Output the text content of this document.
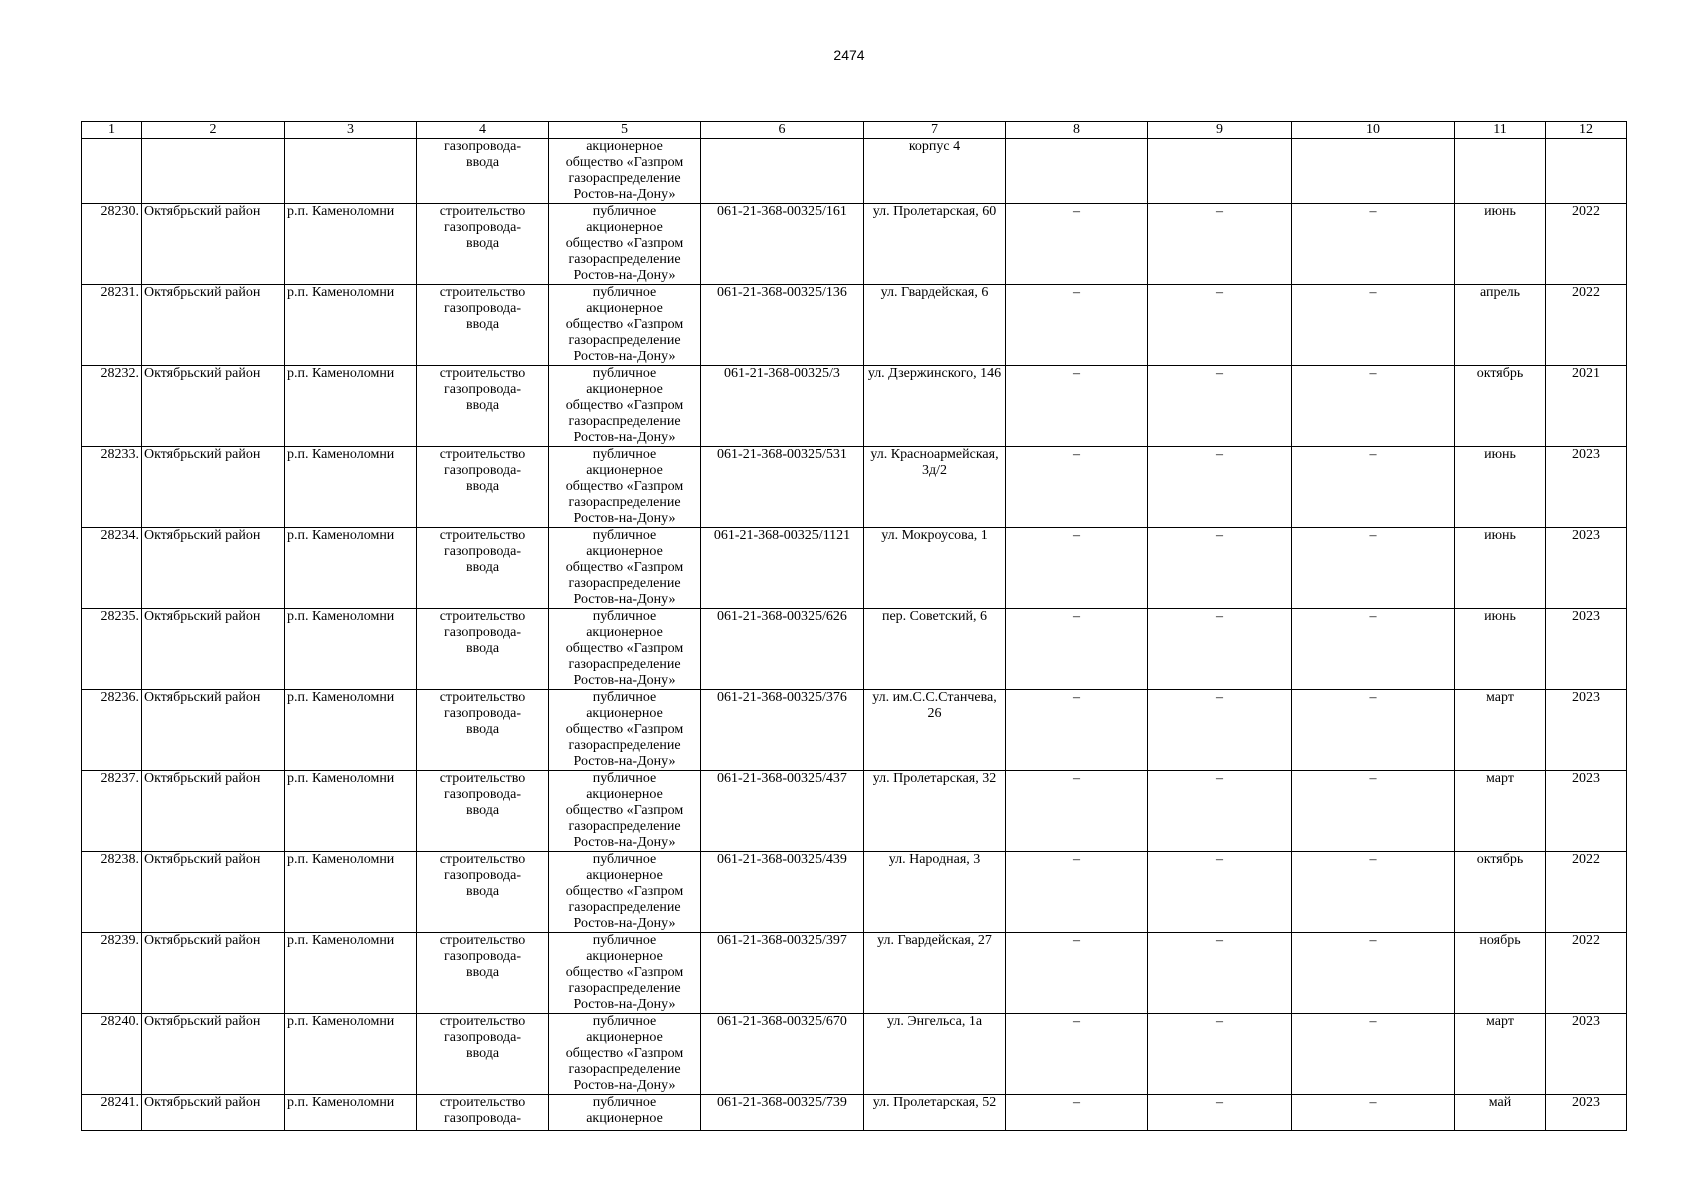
2474
1	2	3	4	5	6	7	8	9	10	11	12
			газопровода-
ввода	акционерное
общество «Газпром
газораспределение
Ростов-на-Дону»		корпус 4					
28230.	Октябрьский район	р.п. Каменоломни	строительство
газопровода-
ввода	публичное
акционерное
общество «Газпром
газораспределение
Ростов-на-Дону»	061-21-368-00325/161	ул. Пролетарская, 60	–	–	–	июнь	2022
28231.	Октябрьский район	р.п. Каменоломни	строительство
газопровода-
ввода	публичное
акционерное
общество «Газпром
газораспределение
Ростов-на-Дону»	061-21-368-00325/136	ул. Гвардейская, 6	–	–	–	апрель	2022
28232.	Октябрьский район	р.п. Каменоломни	строительство
газопровода-
ввода	публичное
акционерное
общество «Газпром
газораспределение
Ростов-на-Дону»	061-21-368-00325/3	ул. Дзержинского, 146	–	–	–	октябрь	2021
28233.	Октябрьский район	р.п. Каменоломни	строительство
газопровода-
ввода	публичное
акционерное
общество «Газпром
газораспределение
Ростов-на-Дону»	061-21-368-00325/531	ул. Красноармейская,
3д/2	–	–	–	июнь	2023
28234.	Октябрьский район	р.п. Каменоломни	строительство
газопровода-
ввода	публичное
акционерное
общество «Газпром
газораспределение
Ростов-на-Дону»	061-21-368-00325/1121	ул. Мокроусова, 1	–	–	–	июнь	2023
28235.	Октябрьский район	р.п. Каменоломни	строительство
газопровода-
ввода	публичное
акционерное
общество «Газпром
газораспределение
Ростов-на-Дону»	061-21-368-00325/626	пер. Советский, 6	–	–	–	июнь	2023
28236.	Октябрьский район	р.п. Каменоломни	строительство
газопровода-
ввода	публичное
акционерное
общество «Газпром
газораспределение
Ростов-на-Дону»	061-21-368-00325/376	ул. им.С.С.Станчева,
26	–	–	–	март	2023
28237.	Октябрьский район	р.п. Каменоломни	строительство
газопровода-
ввода	публичное
акционерное
общество «Газпром
газораспределение
Ростов-на-Дону»	061-21-368-00325/437	ул. Пролетарская, 32	–	–	–	март	2023
28238.	Октябрьский район	р.п. Каменоломни	строительство
газопровода-
ввода	публичное
акционерное
общество «Газпром
газораспределение
Ростов-на-Дону»	061-21-368-00325/439	ул. Народная, 3	–	–	–	октябрь	2022
28239.	Октябрьский район	р.п. Каменоломни	строительство
газопровода-
ввода	публичное
акционерное
общество «Газпром
газораспределение
Ростов-на-Дону»	061-21-368-00325/397	ул. Гвардейская, 27	–	–	–	ноябрь	2022
28240.	Октябрьский район	р.п. Каменоломни	строительство
газопровода-
ввода	публичное
акционерное
общество «Газпром
газораспределение
Ростов-на-Дону»	061-21-368-00325/670	ул. Энгельса, 1а	–	–	–	март	2023
28241.	Октябрьский район	р.п. Каменоломни	строительство
газопровода-	публичное
акционерное	061-21-368-00325/739	ул. Пролетарская, 52	–	–	–	май	2023
